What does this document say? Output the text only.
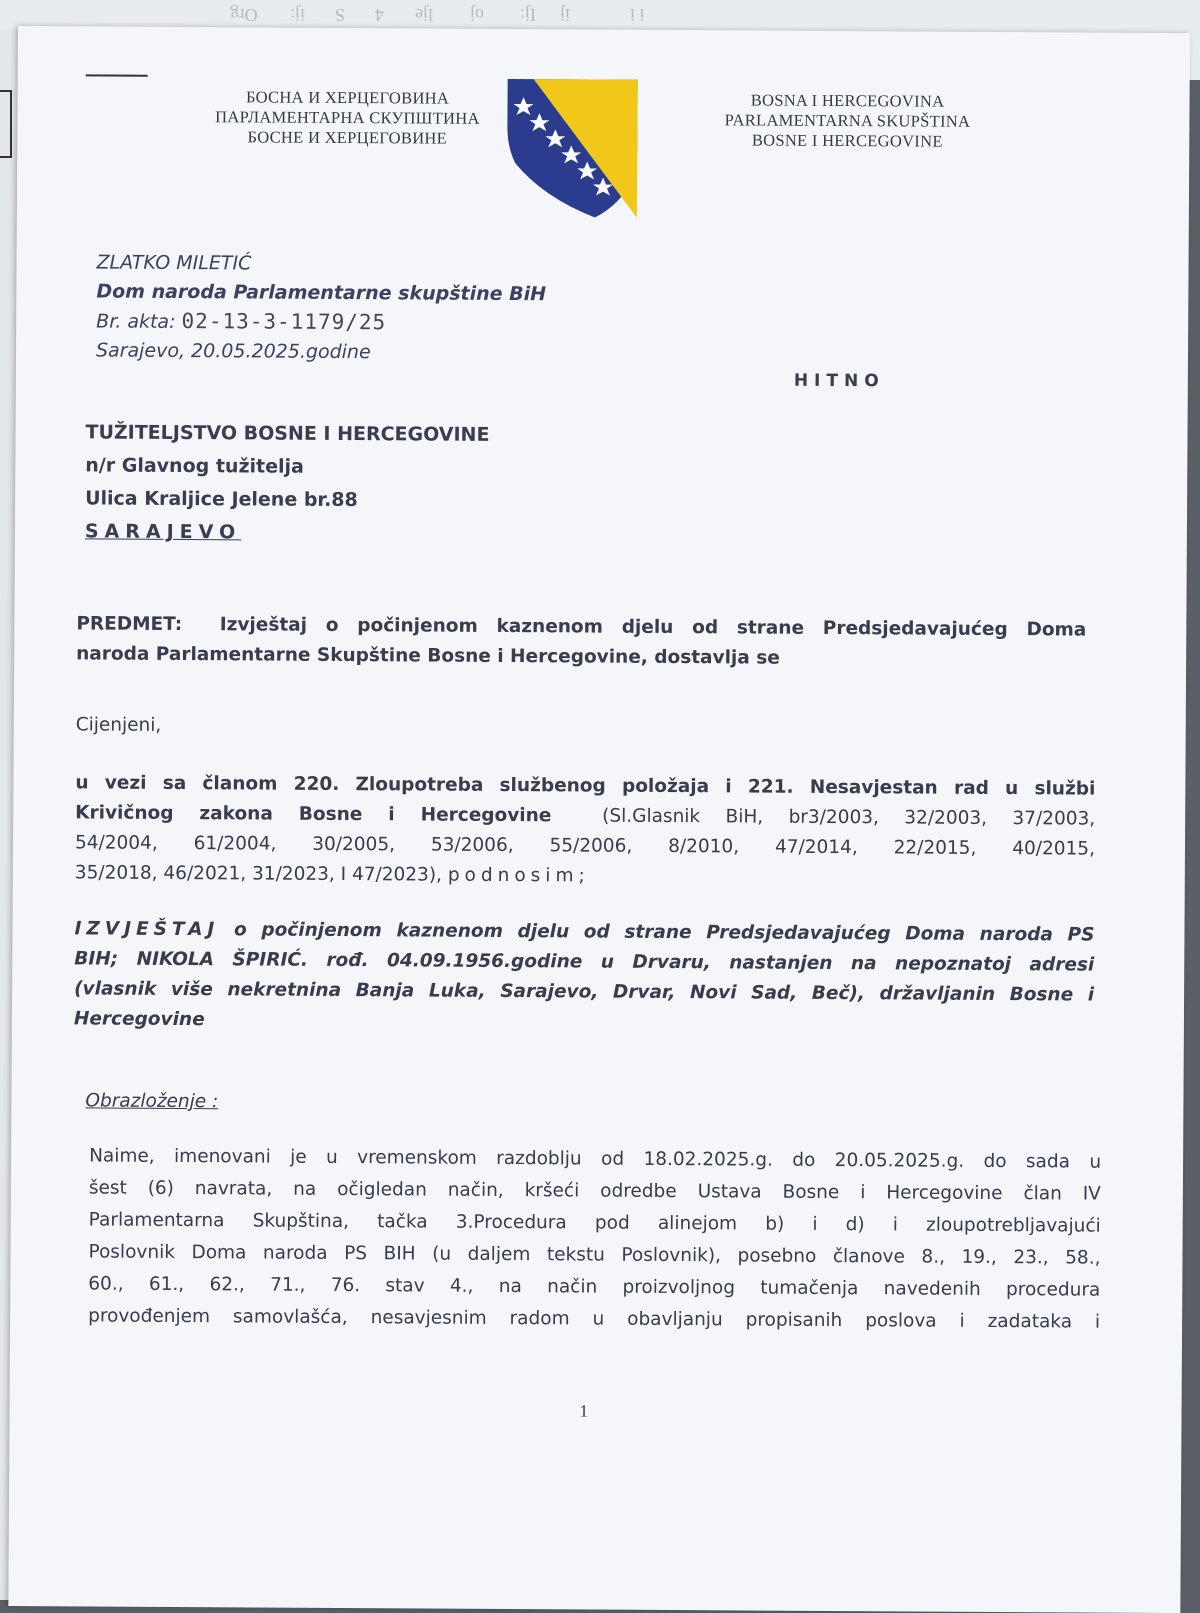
Org ij: S 4 lje oj Ij: ij	i i
БОСНА И ХЕРЦЕГОВИНА
ПАРЛАМЕНТАРНА СКУПШТИНА
БОСНЕ И ХЕРЦЕГОВИНЕ
BOSNA I HERCEGOVINA
PARLAMENTARNA SKUPŠTINA
BOSNE I HERCEGOVINE
ZLATKO MILETIĆ
Dom naroda Parlamentarne skupštine BiH
Br. akta: 02-13-3-1179/25
Sarajevo, 20.05.2025.godine
HITNO
TUŽITELJSTVO BOSNE I HERCEGOVINE
n/r Glavnog tužitelja
Ulica Kraljice Jelene br.88
SARAJEVO
PREDMET: Izvještaj o počinjenom kaznenom djelu od strane Predsjedavajućeg Doma
naroda Parlamentarne Skupštine Bosne i Hercegovine, dostavlja se
Cijenjeni,
u vezi sa članom 220. Zloupotreba službenog položaja i 221. Nesavjestan rad u službi
Krivičnog zakona Bosne i Hercegovine	(Sl.Glasnik BiH, br3/2003, 32/2003, 37/2003,
54/2004, 61/2004, 30/2005, 53/2006, 55/2006, 8/2010, 47/2014, 22/2015, 40/2015,
35/2018, 46/2021, 31/2023, I 47/2023), podnosim;
IZVJEŠTAJ o počinjenom kaznenom djelu od strane Predsjedavajućeg Doma naroda PS
BIH; NIKOLA ŠPIRIĆ. rođ. 04.09.1956.godine u Drvaru, nastanjen na nepoznatoj adresi
(vlasnik više nekretnina Banja Luka, Sarajevo, Drvar, Novi Sad, Beč), državljanin Bosne i
Hercegovine
Obrazloženje :
Naime, imenovani je u vremenskom razdoblju od 18.02.2025.g. do 20.05.2025.g. do sada u
šest (6) navrata, na očigledan način, kršeći odredbe Ustava Bosne i Hercegovine član IV
Parlamentarna Skupština, tačka 3.Procedura pod alinejom b) i d) i zloupotrebljavajući
Poslovnik Doma naroda PS BIH (u daljem tekstu Poslovnik), posebno članove 8., 19., 23., 58.,
60., 61., 62., 71., 76. stav 4., na način proizvoljnog tumačenja navedenih procedura
provođenjem samovlašća, nesavjesnim radom u obavljanju propisanih poslova i zadataka i
1
